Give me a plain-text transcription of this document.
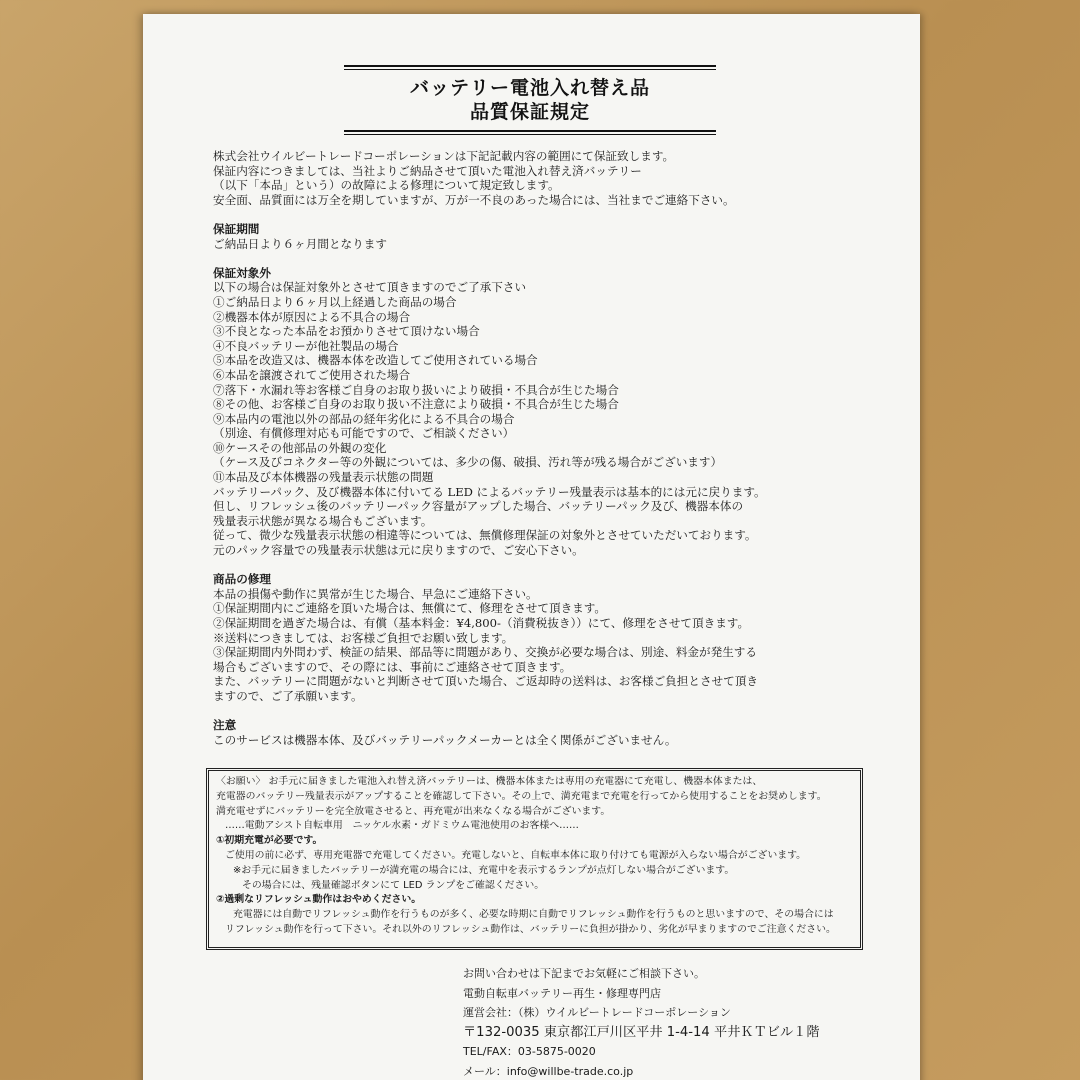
バッテリー電池入れ替え品
品質保証規定

株式会社ウイルビートレードコーポレーションは下記記載内容の範囲にて保証致します。

保証内容につきましては、当社よりご納品させて頂いた電池入れ替え済バッテリー

（以下「本品」という）の故障による修理について規定致します。

安全面、品質面には万全を期していますが、万が一不良のあった場合には、当社までご連絡下さい。

保証期間

ご納品日より６ヶ月間となります

保証対象外

以下の場合は保証対象外とさせて頂きますのでご了承下さい

①ご納品日より６ヶ月以上経過した商品の場合

②機器本体が原因による不具合の場合

③不良となった本品をお預かりさせて頂けない場合

④不良バッテリーが他社製品の場合

⑤本品を改造又は、機器本体を改造してご使用されている場合

⑥本品を譲渡されてご使用された場合

⑦落下・水漏れ等お客様ご自身のお取り扱いにより破損・不具合が生じた場合

⑧その他、お客様ご自身のお取り扱い不注意により破損・不具合が生じた場合

⑨本品内の電池以外の部品の経年劣化による不具合の場合

（別途、有償修理対応も可能ですので、ご相談ください）

⑩ケースその他部品の外観の変化

（ケース及びコネクター等の外観については、多少の傷、破損、汚れ等が残る場合がございます）

⑪本品及び本体機器の残量表示状態の問題

バッテリーパック、及び機器本体に付いてる LED によるバッテリー残量表示は基本的には元に戻ります。

但し、リフレッシュ後のバッテリーパック容量がアップした場合、バッテリーパック及び、機器本体の

残量表示状態が異なる場合もございます。

従って、微少な残量表示状態の相違等については、無償修理保証の対象外とさせていただいております。

元のパック容量での残量表示状態は元に戻りますので、ご安心下さい。

商品の修理

本品の損傷や動作に異常が生じた場合、早急にご連絡下さい。

①保証期間内にご連絡を頂いた場合は、無償にて、修理をさせて頂きます。

②保証期間を過ぎた場合は、有償（基本料金：¥4,800-（消費税抜き））にて、修理をさせて頂きます。

※送料につきましては、お客様ご負担でお願い致します。

③保証期間内外問わず、検証の結果、部品等に問題があり、交換が必要な場合は、別途、料金が発生する

場合もございますので、その際には、事前にご連絡させて頂きます。

また、バッテリーに問題がないと判断させて頂いた場合、ご返却時の送料は、お客様ご負担とさせて頂き

ますので、ご了承願います。

注意

このサービスは機器本体、及びバッテリーパックメーカーとは全く関係がございません。

〈お願い〉 お手元に届きました電池入れ替え済バッテリーは、機器本体または専用の充電器にて充電し、機器本体または、

充電器のバッテリー残量表示がアップすることを確認して下さい。その上で、満充電まで充電を行ってから使用することをお奨めします。

満充電せずにバッテリーを完全放電させると、再充電が出来なくなる場合がございます。

……電動アシスト自転車用　ニッケル水素・ガドミウム電池使用のお客様へ……

①初期充電が必要です。

ご使用の前に必ず、専用充電器で充電してください。充電しないと、自転車本体に取り付けても電源が入らない場合がございます。

※お手元に届きましたバッテリーが満充電の場合には、充電中を表示するランプが点灯しない場合がございます。

その場合には、残量確認ボタンにて LED ランプをご確認ください。

②過剰なリフレッシュ動作はおやめください。

充電器には自動でリフレッシュ動作を行うものが多く、必要な時期に自動でリフレッシュ動作を行うものと思いますので、その場合には

リフレッシュ動作を行って下さい。それ以外のリフレッシュ動作は、バッテリーに負担が掛かり、劣化が早まりますのでご注意ください。

お問い合わせは下記までお気軽にご相談下さい。

電動自転車バッテリー再生・修理専門店

運営会社：（株）ウイルビートレードコーポレーション

〒132-0035 東京都江戸川区平井 1-4-14 平井ＫＴビル１階

TEL/FAX：03-5875-0020

メール：info@willbe-trade.co.jp
